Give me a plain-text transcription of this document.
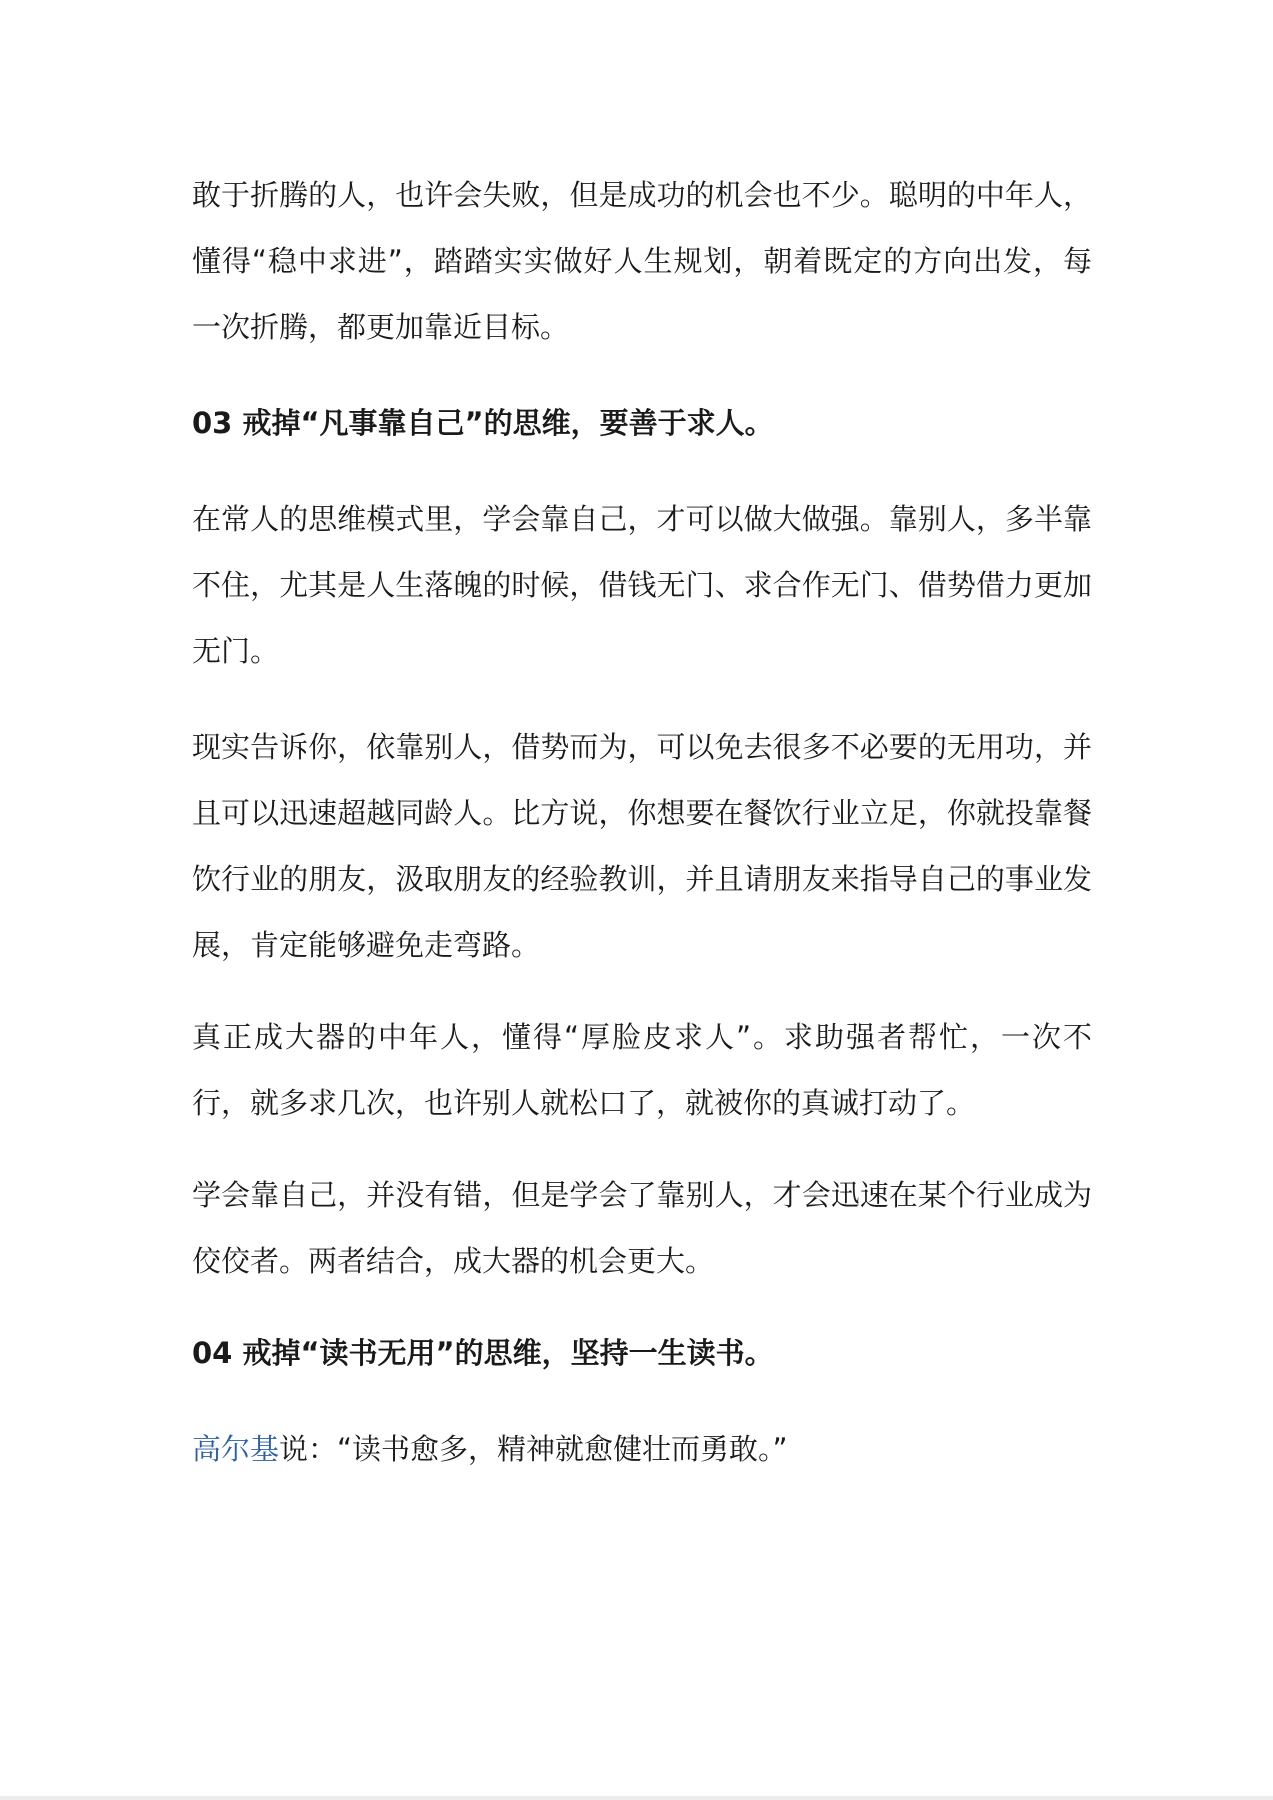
敢于折腾的人，也许会失败，但是成功的机会也不少。聪明的中年人，懂得“稳中求进”，踏踏实实做好人生规划，朝着既定的方向出发，每一次折腾，都更加靠近目标。

03 戒掉“凡事靠自己”的思维，要善于求人。

在常人的思维模式里，学会靠自己，才可以做大做强。靠别人，多半靠不住，尤其是人生落魄的时候，借钱无门、求合作无门、借势借力更加无门。

现实告诉你，依靠别人，借势而为，可以免去很多不必要的无用功，并且可以迅速超越同龄人。比方说，你想要在餐饮行业立足，你就投靠餐饮行业的朋友，汲取朋友的经验教训，并且请朋友来指导自己的事业发展，肯定能够避免走弯路。

真正成大器的中年人，懂得“厚脸皮求人”。求助强者帮忙，一次不行，就多求几次，也许别人就松口了，就被你的真诚打动了。

学会靠自己，并没有错，但是学会了靠别人，才会迅速在某个行业成为佼佼者。两者结合，成大器的机会更大。

04 戒掉“读书无用”的思维，坚持一生读书。

高尔基说：“读书愈多，精神就愈健壮而勇敢。”
